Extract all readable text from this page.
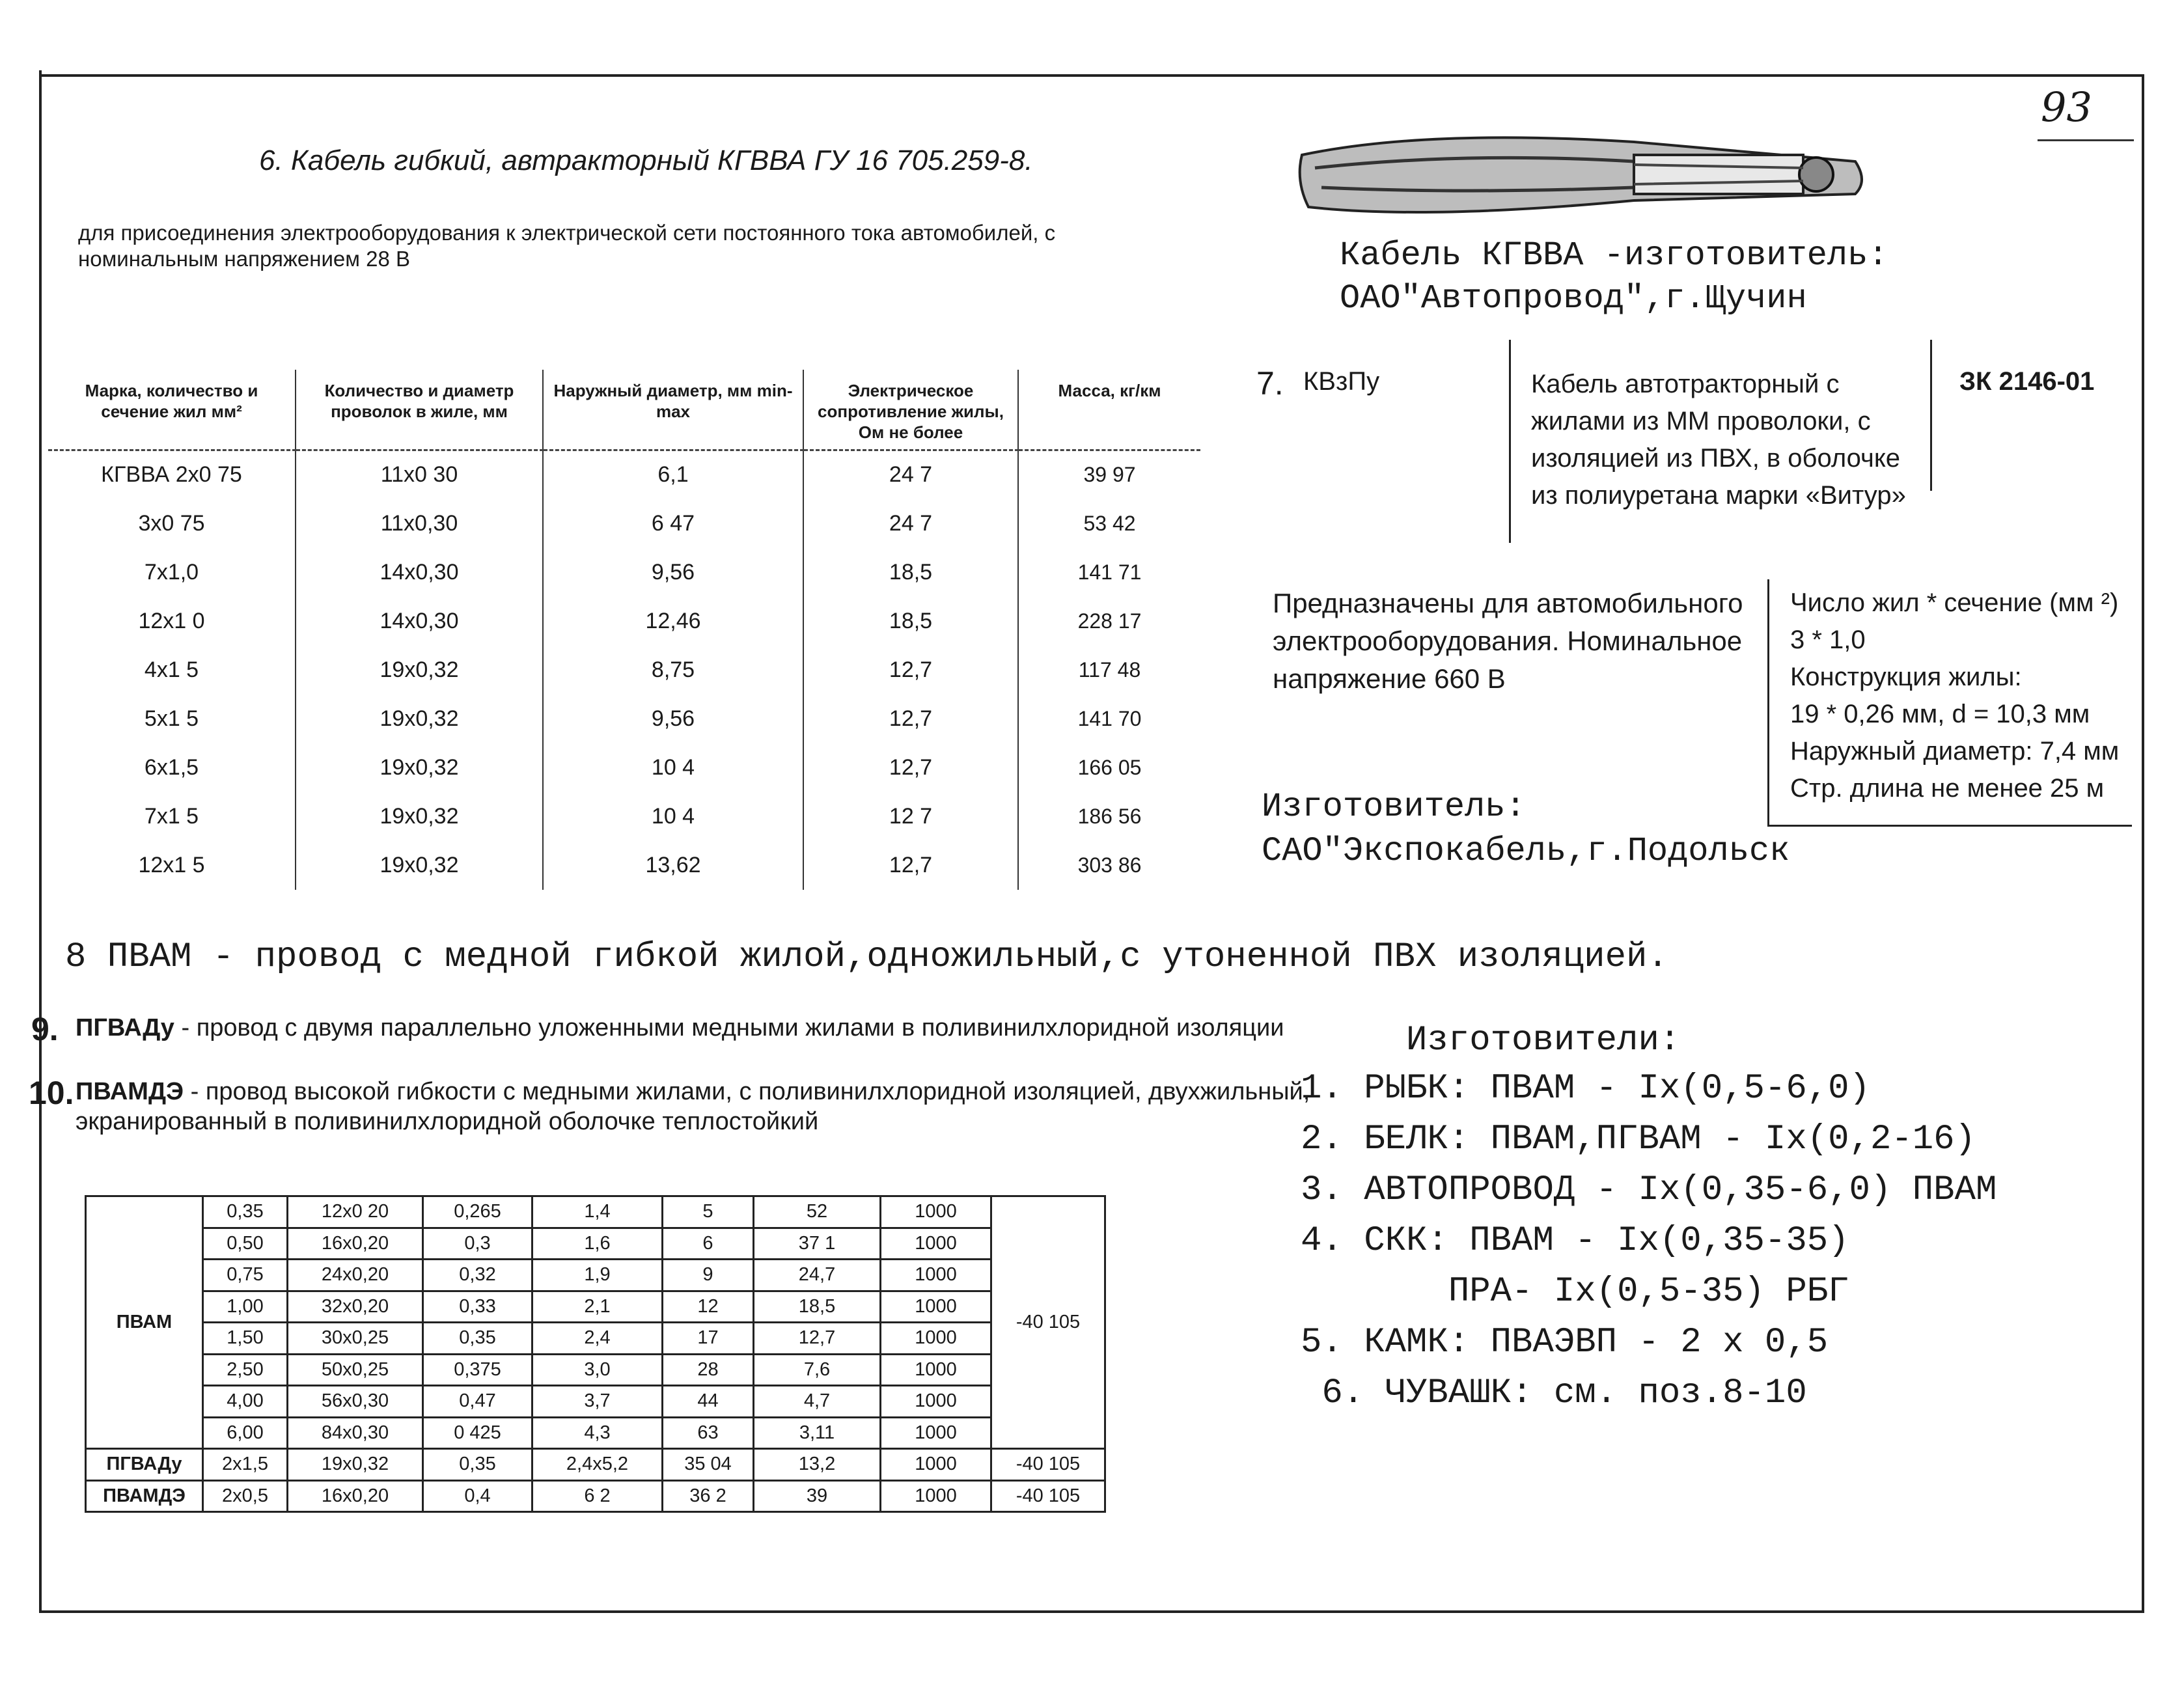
93
6. Кабель гибкий, автракторный КГВВА ГУ 16 705.259-8.
для присоединения электрооборудования к электрической сети постоянного тока автомобилей, с номинальным напряжением 28 В	Кабель КГВВА -изготовитель:
ОАО"Автопровод",г.Щучин
Марка, количество и сечение жил мм²	Количество и диаметр проволок в жиле, мм	Наружный диаметр, мм min-max	Электрическое сопротивление жилы, Ом не более	Масса, кг/км
КГВВА 2х0 75	11х0 30	6,1	24 7	39 97
3х0 75	11х0,30	6 47	24 7	53 42
7х1,0	14х0,30	9,56	18,5	141 71
12х1 0	14х0,30	12,46	18,5	228 17
4х1 5	19х0,32	8,75	12,7	117 48
5х1 5	19х0,32	9,56	12,7	141 70
6х1,5	19х0,32	10 4	12,7	166 05
7х1 5	19х0,32	10 4	12 7	186 56
12х1 5	19х0,32	13,62	12,7	303 86
7. КВзПу	Кабель автотракторный с жилами из ММ проволоки, с изоляцией из ПВХ, в оболочке из полиуретана марки «Витур»
ЗК 2146-01
Предназначены для автомобильного электрооборудования. Номинальное напряжение 660 В
Число жил * сечение (мм ²)
3 * 1,0
Конструкция жилы:
19 * 0,26 мм, d = 10,3 мм
Наружный диаметр: 7,4 мм
Стр. длина не менее 25 м
Изготовитель:
САО"Экспокабель,г.Подольск
8 ПВАМ - провод с медной гибкой жилой,одножильный,с утоненной ПВХ изоляцией.
9. ПГВАДу - провод с двумя параллельно уложенными медными жилами в поливинилхлоридной изоляции
10. ПВАМДЭ - провод высокой гибкости с медными жилами, с поливинилхлоридной изоляцией, двухжильный, экранированный в поливинилхлоридной оболочке теплостойкий
Изготовители:
1. РЫБК: ПВАМ - Ix(0,5-6,0)
2. БЕЛК: ПВАМ,ПГВАМ - Ix(0,2-16)
3. АВТОПРОВОД - Ix(0,35-6,0) ПВАМ
4. СКК: ПВАМ - Ix(0,35-35)
ПРА- Ix(0,5-35) РБГ
5. КАМК: ПВАЭВП - 2 х 0,5
6. ЧУВАШК: см. поз.8-10
ПВАМ	0,35	12х0 20	0,265	1,4	5	52	1000	-40 105
	0,50	16х0,20	0,3	1,6	6	37 1	1000	
	0,75	24х0,20	0,32	1,9	9	24,7	1000	
	1,00	32х0,20	0,33	2,1	12	18,5	1000	
	1,50	30х0,25	0,35	2,4	17	12,7	1000	
	2,50	50х0,25	0,375	3,0	28	7,6	1000	
	4,00	56х0,30	0,47	3,7	44	4,7	1000	
	6,00	84х0,30	0 425	4,3	63	3,11	1000	
ПГВАДу	2х1,5	19х0,32	0,35	2,4х5,2	35 04	13,2	1000	-40 105
ПВАМДЭ	2х0,5	16х0,20	0,4	6 2	36 2	39	1000	-40 105
